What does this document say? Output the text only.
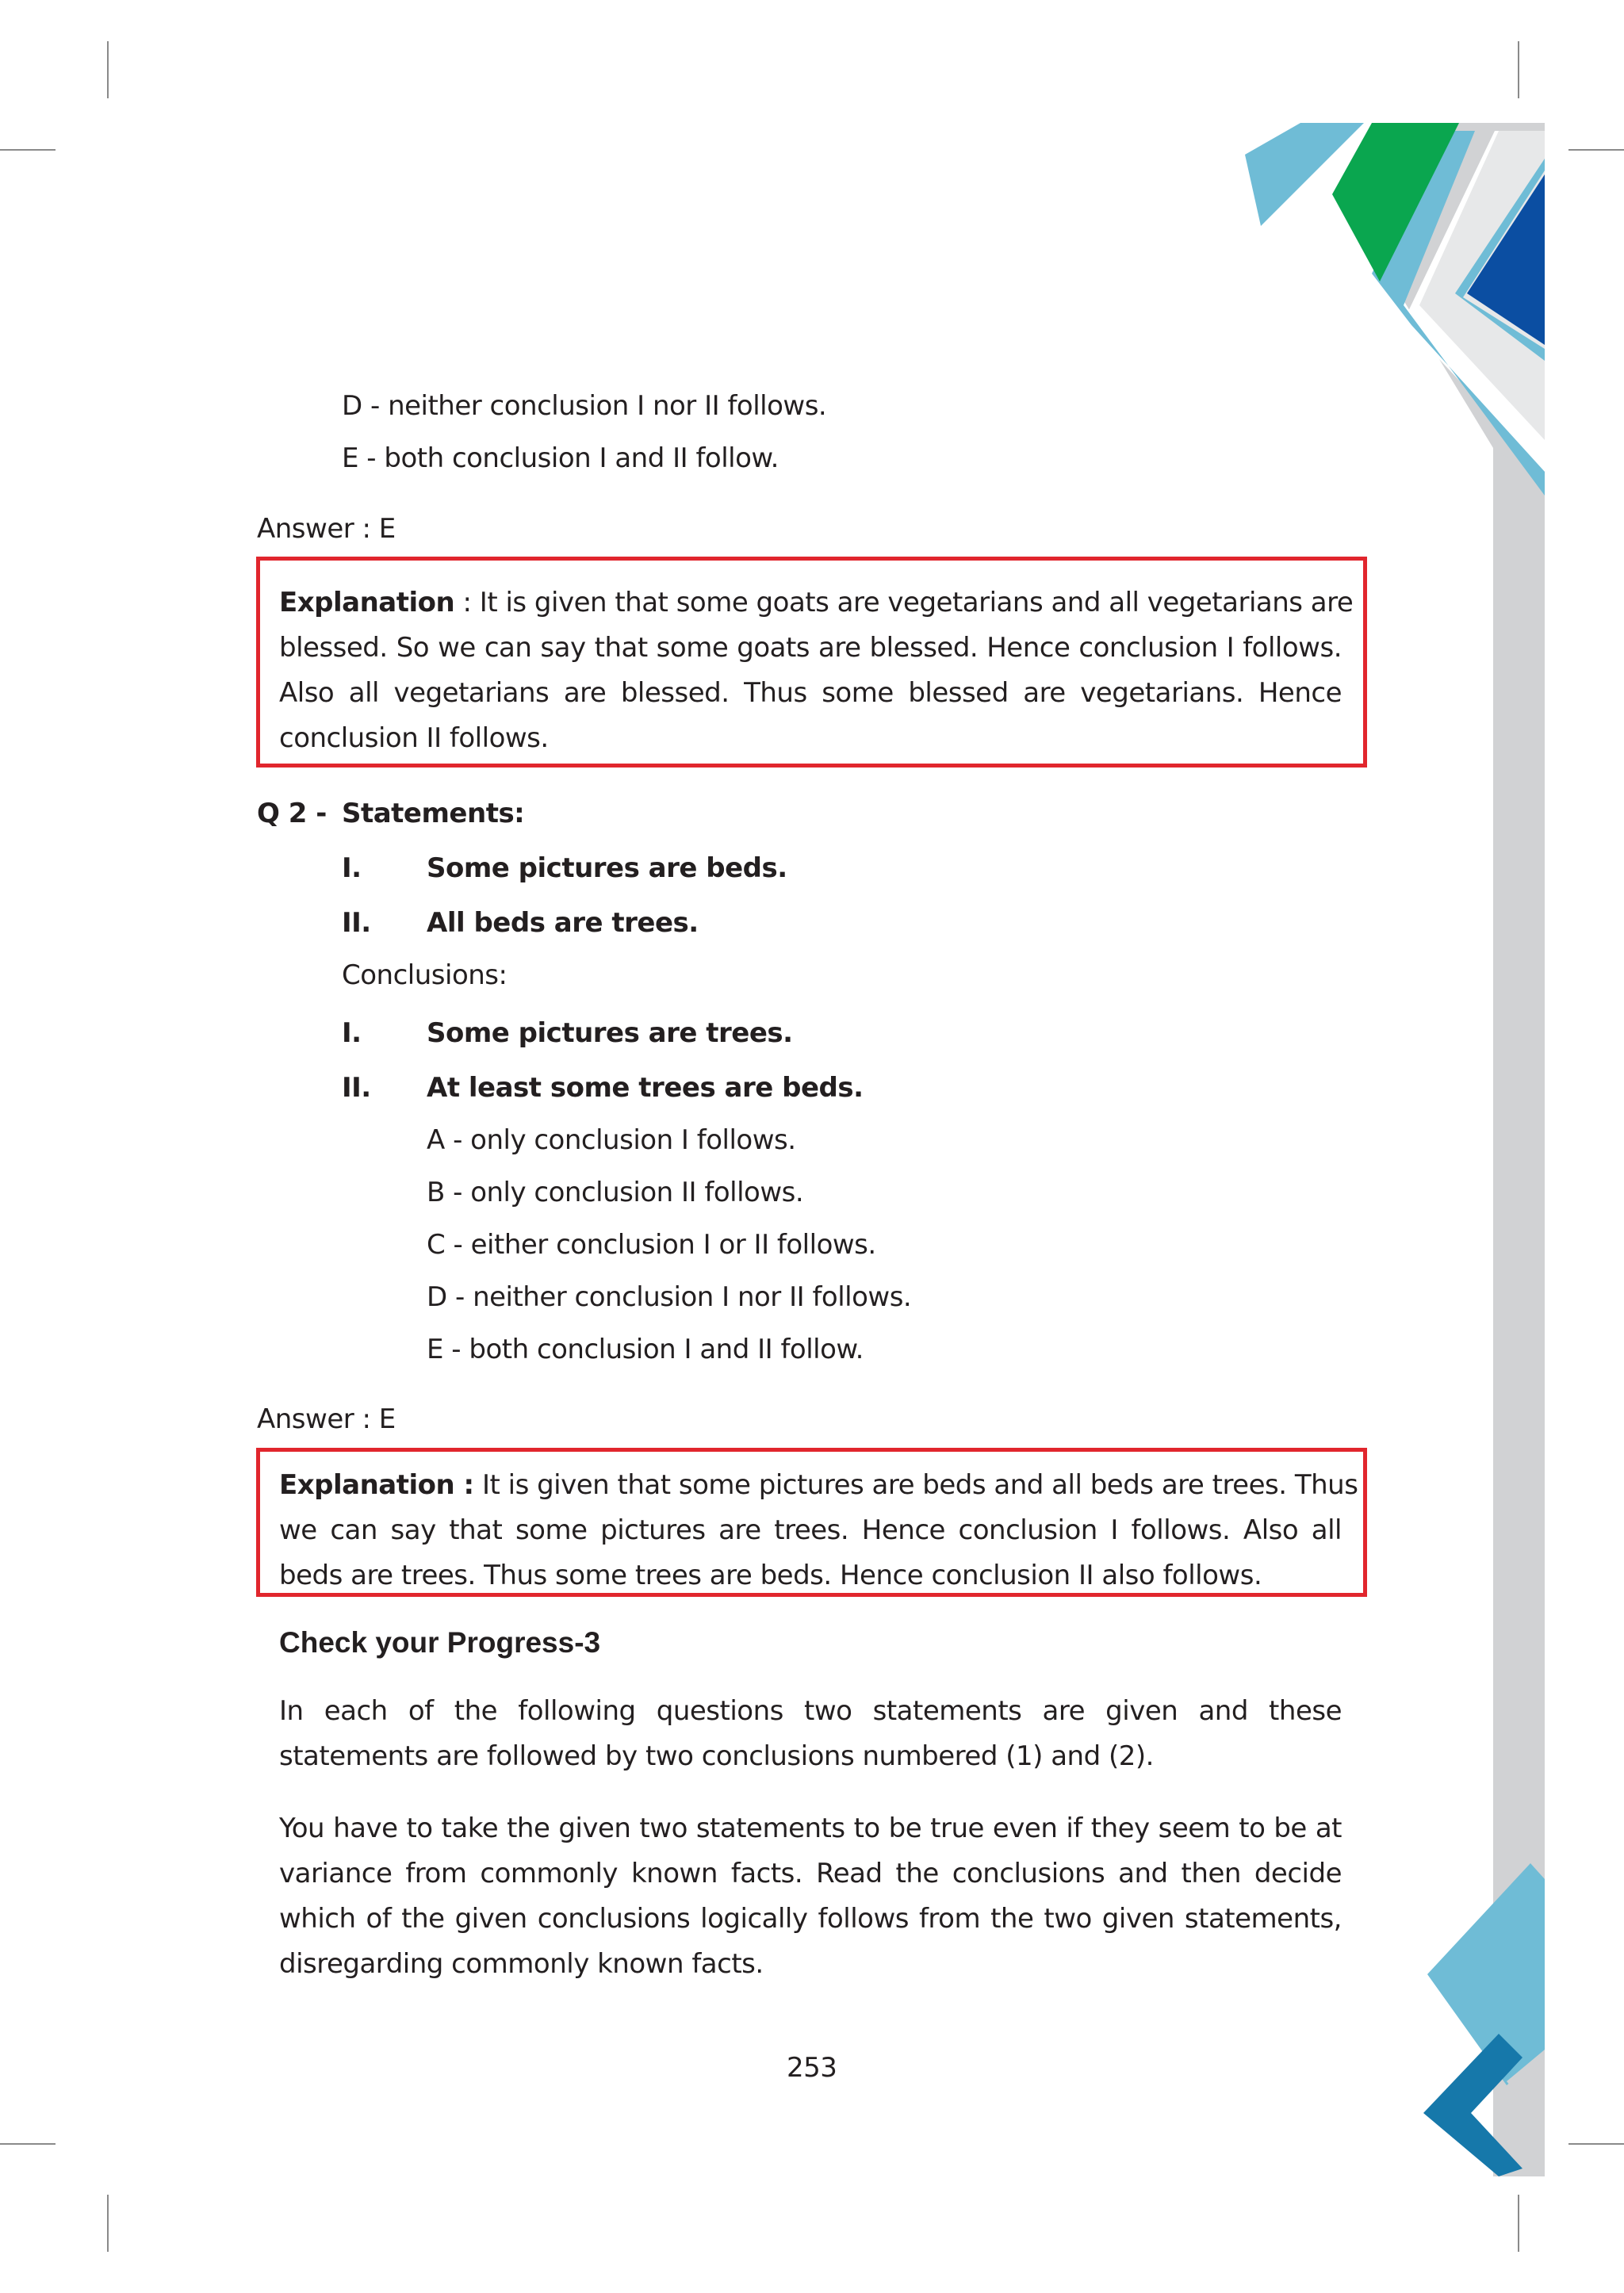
D - neither conclusion I nor II follows.
E - both conclusion I and II follow.
Answer : E
Explanation : It is given that some goats are vegetarians and all vegetarians are
blessed. So we can say that some goats are blessed. Hence conclusion I follows.
Also all vegetarians are blessed. Thus some blessed are vegetarians. Hence
conclusion II follows.
Q 2 - Statements:
I. Some pictures are beds.
II. All beds are trees.
Conclusions:
I. Some pictures are trees.
II. At least some trees are beds.
A - only conclusion I follows.
B - only conclusion II follows.
C - either conclusion I or II follows.
D - neither conclusion I nor II follows.
E - both conclusion I and II follow.
Answer : E
Explanation : It is given that some pictures are beds and all beds are trees. Thus
we can say that some pictures are trees. Hence conclusion I follows. Also all
beds are trees. Thus some trees are beds. Hence conclusion II also follows.
Check your Progress-3
In each of the following questions two statements are given and these
statements are followed by two conclusions numbered (1) and (2).
You have to take the given two statements to be true even if they seem to be at
variance from commonly known facts. Read the conclusions and then decide
which of the given conclusions logically follows from the two given statements,
disregarding commonly known facts.
253
